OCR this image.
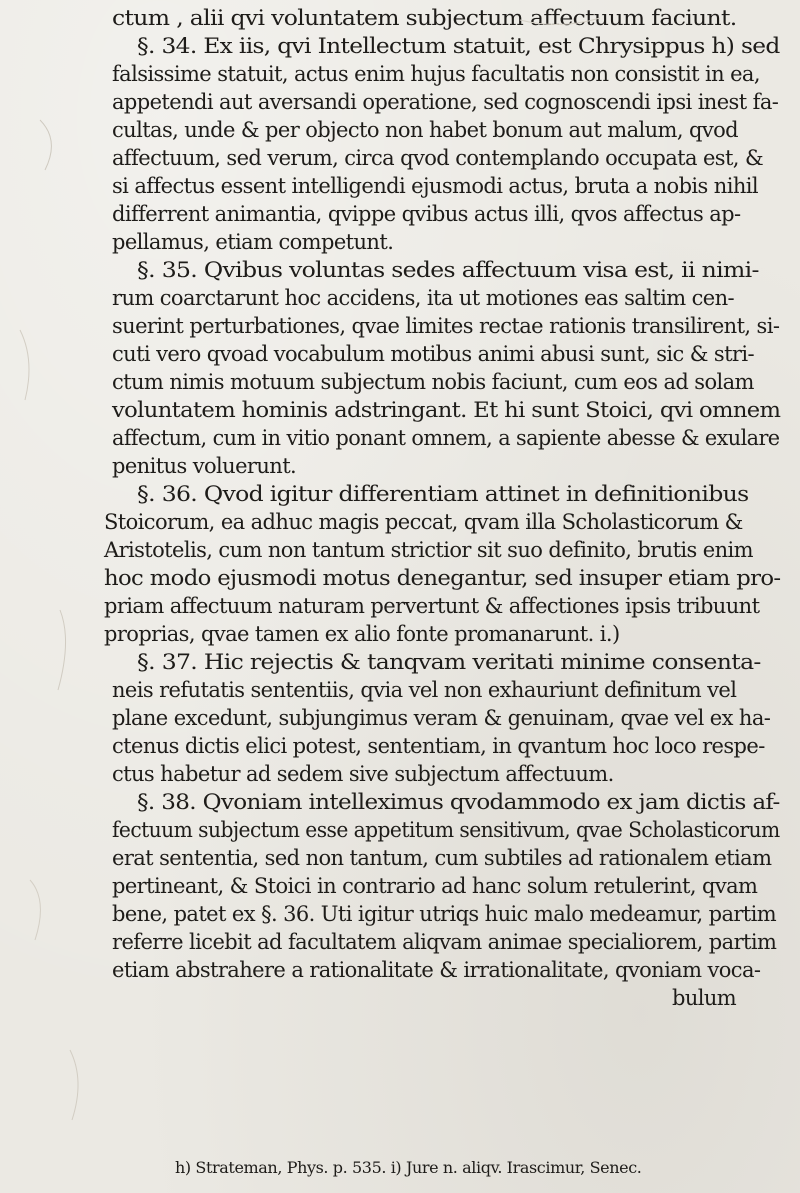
ctum , alii qvi voluntatem subjectum affectuum faciunt.
§. 34. Ex iis, qvi Intellectum statuit, est Chrysippus h) sed
falsissime statuit, actus enim hujus facultatis non consistit in ea,
appetendi aut aversandi operatione, sed cognoscendi ipsi inest fa-
cultas, unde & per objecto non habet bonum aut malum, qvod
affectuum, sed verum, circa qvod contemplando occupata est, &
si affectus essent intelligendi ejusmodi actus, bruta a nobis nihil
differrent animantia, qvippe qvibus actus illi, qvos affectus ap-
pellamus, etiam competunt.
§. 35. Qvibus voluntas sedes affectuum visa est, ii nimi-
rum coarctarunt hoc accidens, ita ut motiones eas saltim cen-
suerint perturbationes, qvae limites rectae rationis transilirent, si-
cuti vero qvoad vocabulum motibus animi abusi sunt, sic & stri-
ctum nimis motuum subjectum nobis faciunt, cum eos ad solam
voluntatem hominis adstringant. Et hi sunt Stoici, qvi omnem
affectum, cum in vitio ponant omnem, a sapiente abesse & exulare
penitus voluerunt.
§. 36. Qvod igitur differentiam attinet in definitionibus
Stoicorum, ea adhuc magis peccat, qvam illa Scholasticorum &
Aristotelis, cum non tantum strictior sit suo definito, brutis enim
hoc modo ejusmodi motus denegantur, sed insuper etiam pro-
priam affectuum naturam pervertunt & affectiones ipsis tribuunt
proprias, qvae tamen ex alio fonte promanarunt. i.)
§. 37. Hic rejectis & tanqvam veritati minime consenta-
neis refutatis sententiis, qvia vel non exhauriunt definitum vel
plane excedunt, subjungimus veram & genuinam, qvae vel ex ha-
ctenus dictis elici potest, sententiam, in qvantum hoc loco respe-
ctus habetur ad sedem sive subjectum affectuum.
§. 38. Qvoniam intelleximus qvodammodo ex jam dictis af-
fectuum subjectum esse appetitum sensitivum, qvae Scholasticorum
erat sententia, sed non tantum, cum subtiles ad rationalem etiam
pertineant, & Stoici in contrario ad hanc solum retulerint, qvam
bene, patet ex §. 36. Uti igitur utriqs huic malo medeamur, partim
referre licebit ad facultatem aliqvam animae specialiorem, partim
etiam abstrahere a rationalitate & irrationalitate, qvoniam voca-
bulum
h) Strateman, Phys. p. 535. i) Jure n. aliqv. Irascimur, Senec.
